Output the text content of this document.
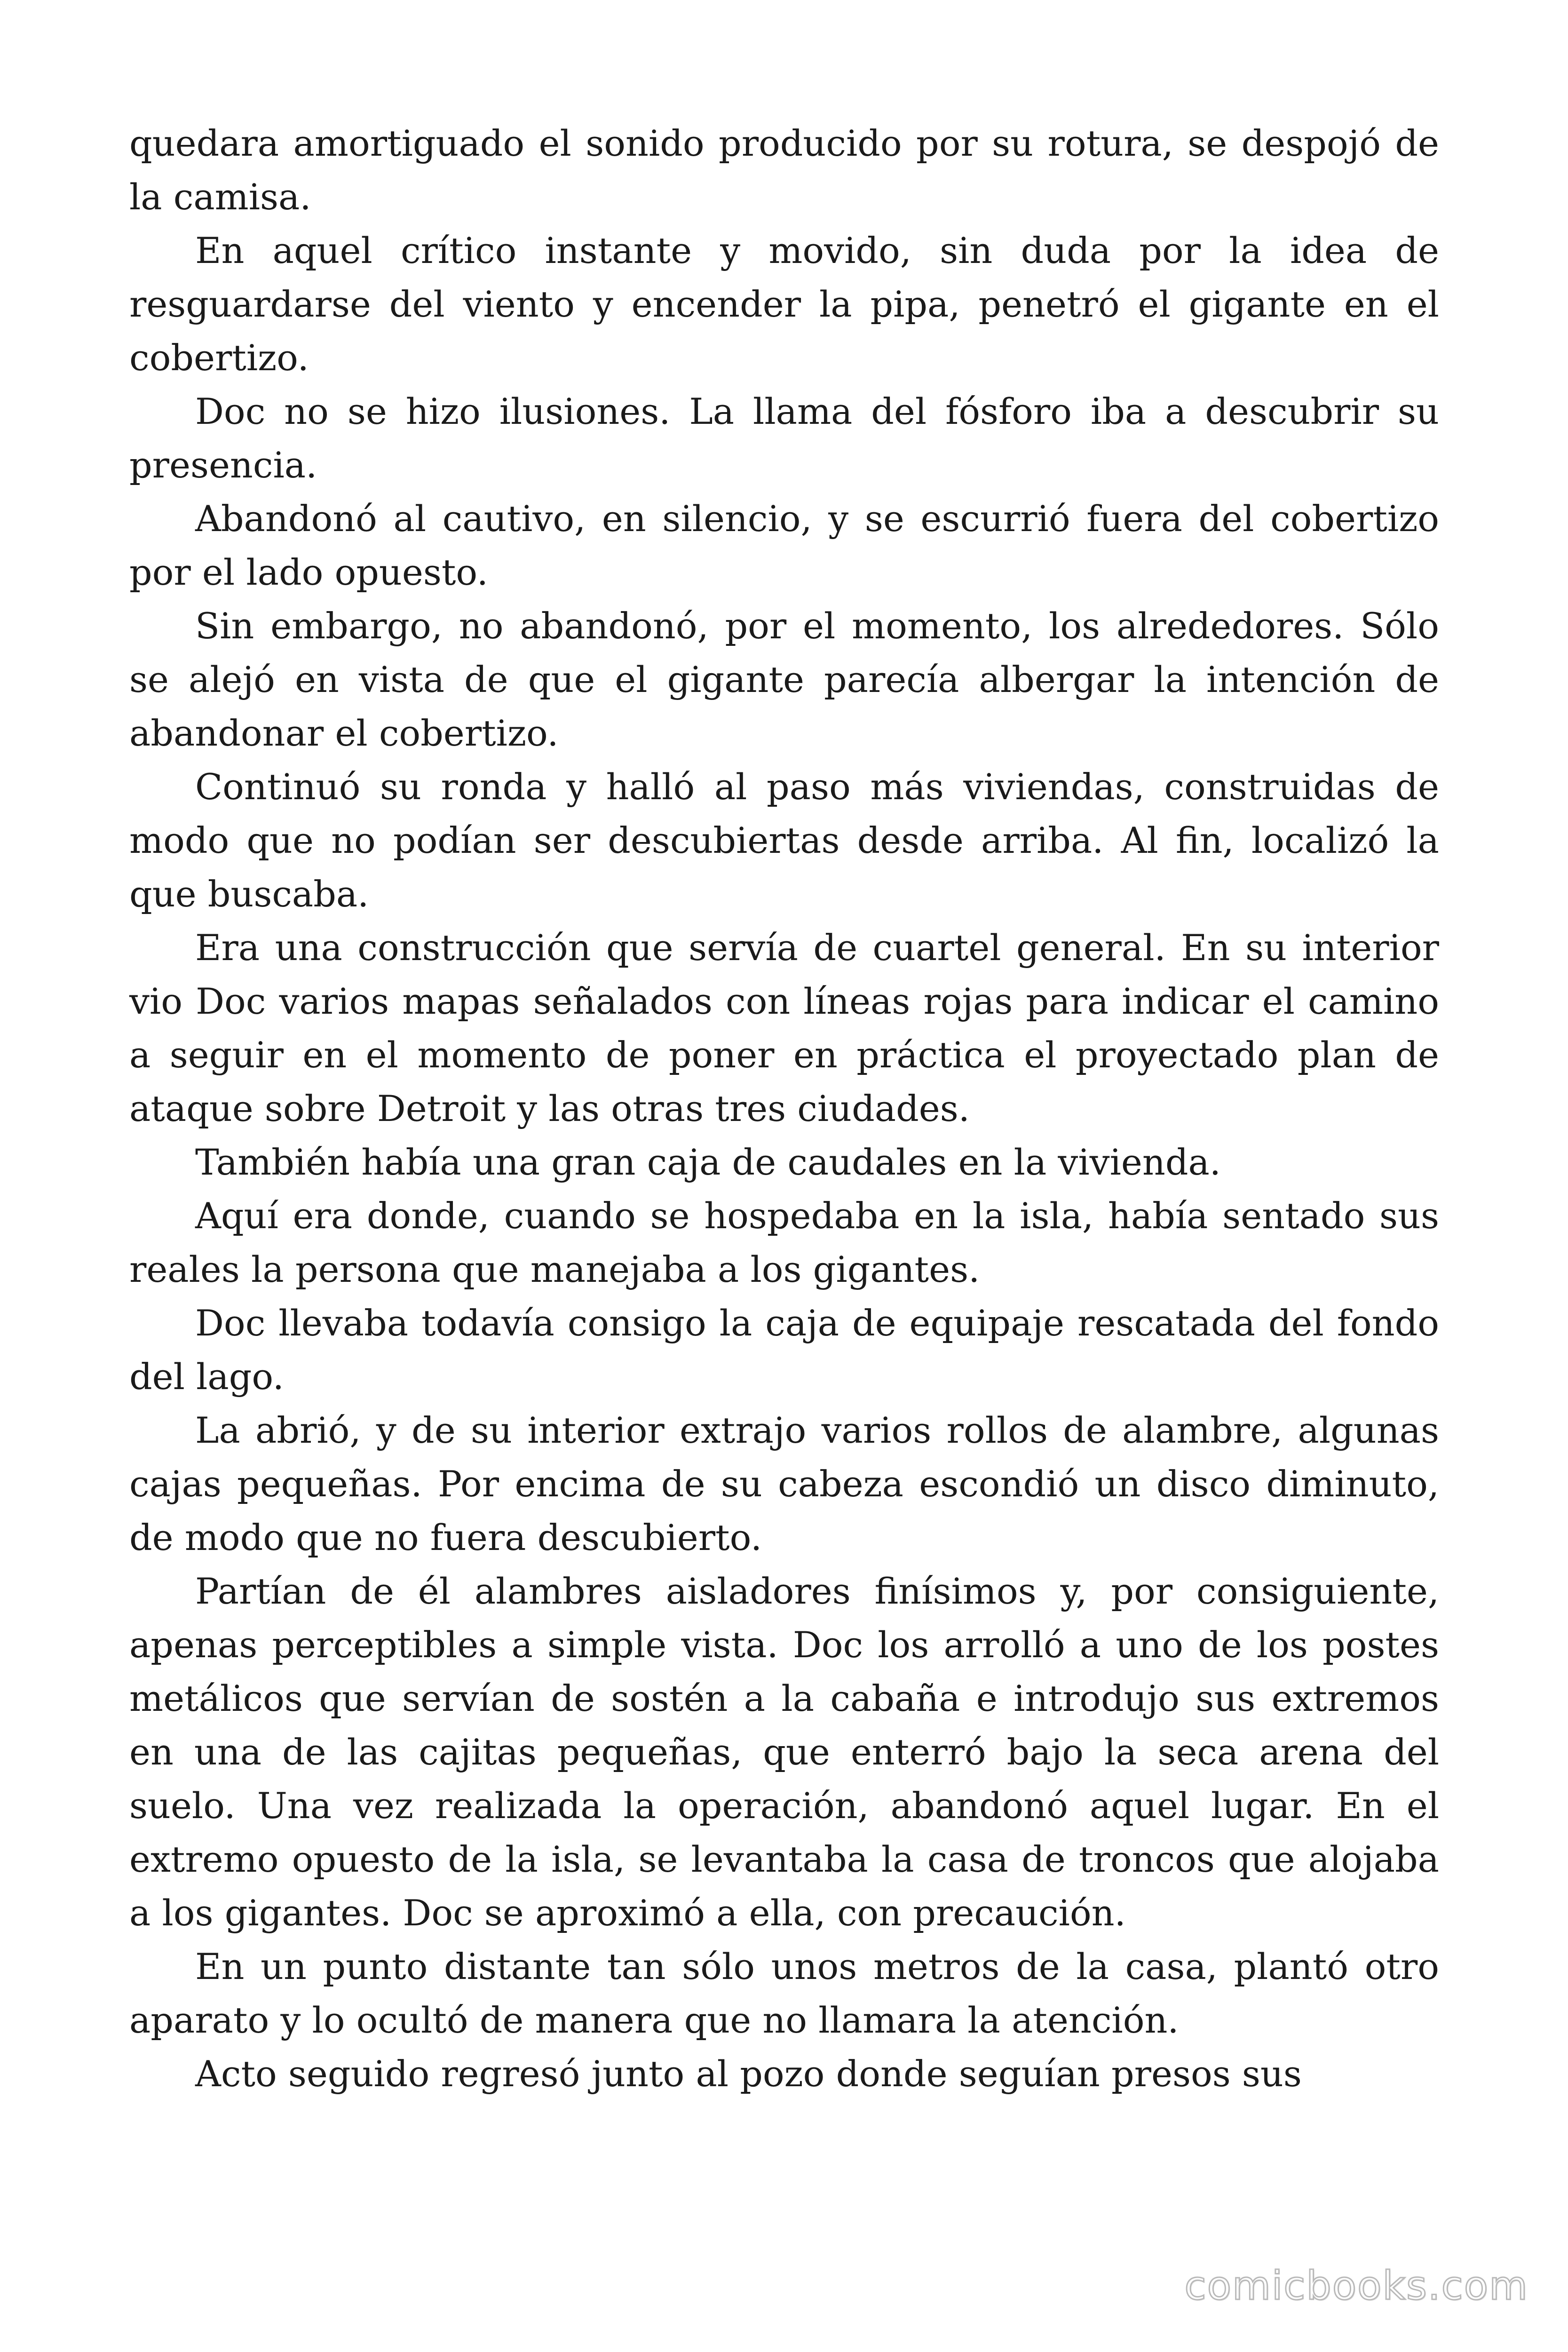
quedara amortiguado el sonido producido por su rotura, se despojó de la camisa.

En aquel crítico instante y movido, sin duda por la idea de resguardarse del viento y encender la pipa, penetró el gigante en el cobertizo.

Doc no se hizo ilusiones. La llama del fósforo iba a descubrir su presencia.

Abandonó al cautivo, en silencio, y se escurrió fuera del cobertizo por el lado opuesto.

Sin embargo, no abandonó, por el momento, los alrededores. Sólo se alejó en vista de que el gigante parecía albergar la intención de abandonar el cobertizo.

Continuó su ronda y halló al paso más viviendas, construidas de modo que no podían ser descubiertas desde arriba. Al fin, localizó la que buscaba.

Era una construcción que servía de cuartel general. En su interior vio Doc varios mapas señalados con líneas rojas para indicar el camino a seguir en el momento de poner en práctica el proyectado plan de ataque sobre Detroit y las otras tres ciudades.

También había una gran caja de caudales en la vivienda.

Aquí era donde, cuando se hospedaba en la isla, había sentado sus reales la persona que manejaba a los gigantes.

Doc llevaba todavía consigo la caja de equipaje rescatada del fondo del lago.

La abrió, y de su interior extrajo varios rollos de alambre, algunas cajas pequeñas. Por encima de su cabeza escondió un disco diminuto, de modo que no fuera descubierto.

Partían de él alambres aisladores finísimos y, por consiguiente, apenas perceptibles a simple vista. Doc los arrolló a uno de los postes metálicos que servían de sostén a la cabaña e introdujo sus extremos en una de las cajitas pequeñas, que enterró bajo la seca arena del suelo. Una vez realizada la operación, abandonó aquel lugar. En el extremo opuesto de la isla, se levantaba la casa de troncos que alojaba a los gigantes. Doc se aproximó a ella, con precaución.

En un punto distante tan sólo unos metros de la casa, plantó otro aparato y lo ocultó de manera que no llamara la atención.

Acto seguido regresó junto al pozo donde seguían presos sus

comicbooks.com
